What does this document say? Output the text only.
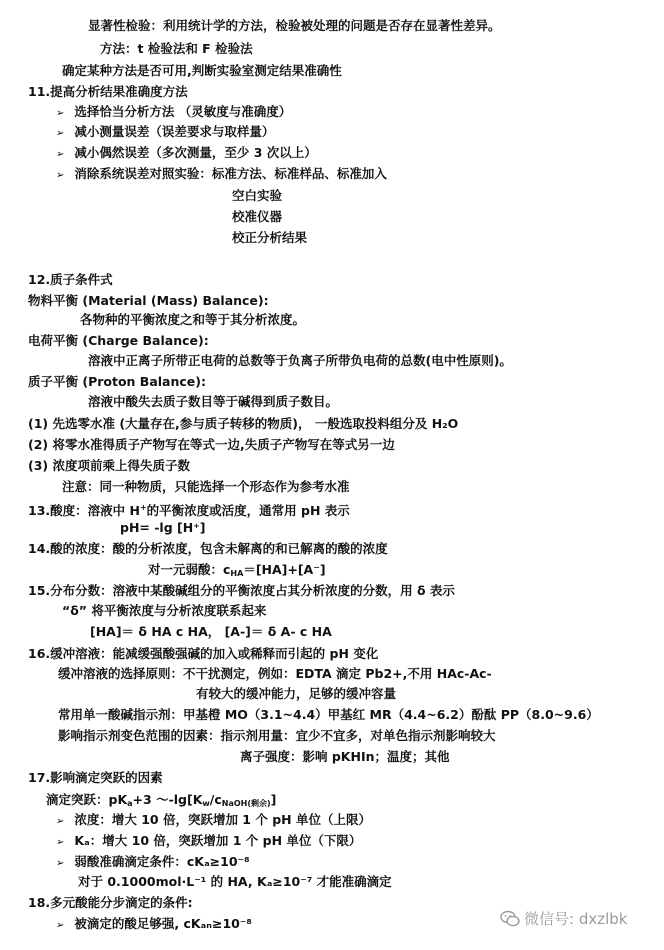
显著性检验：利用统计学的方法，检验被处理的问题是否存在显著性差异。
方法：t 检验法和 F 检验法
确定某种方法是否可用,判断实验室测定结果准确性
11.提高分析结果准确度方法
➢ 选择恰当分析方法 （灵敏度与准确度）
➢ 减小测量误差（误差要求与取样量）
➢ 减小偶然误差（多次测量，至少 3 次以上）
➢ 消除系统误差对照实验：标准方法、标准样品、标准加入
空白实验
校准仪器
校正分析结果
12.质子条件式
物料平衡 (Material (Mass) Balance):
各物种的平衡浓度之和等于其分析浓度。
电荷平衡 (Charge Balance):
溶液中正离子所带正电荷的总数等于负离子所带负电荷的总数(电中性原则)。
质子平衡 (Proton Balance):
溶液中酸失去质子数目等于碱得到质子数目。
(1) 先选零水准 (大量存在,参与质子转移的物质)， 一般选取投料组分及 H₂O
(2) 将零水准得质子产物写在等式一边,失质子产物写在等式另一边
(3) 浓度项前乘上得失质子数
注意：同一种物质，只能选择一个形态作为参考水准
13.酸度：溶液中 H+的平衡浓度或活度，通常用 pH 表示
pH= -lg [H⁺]
14.酸的浓度：酸的分析浓度，包含未解离的和已解离的酸的浓度
对一元弱酸：$c_{HA}=[HA]+[A^-]$
15.分布分数：溶液中某酸碱组分的平衡浓度占其分析浓度的分数，用 δ 表示
“δ” 将平衡浓度与分析浓度联系起来
[HA]＝ δ HA c HA， [A-]＝ δ A- c HA
16.缓冲溶液：能减缓强酸强碱的加入或稀释而引起的 pH 变化
缓冲溶液的选择原则：不干扰测定，例如：EDTA 滴定 Pb2+,不用 HAc-Ac-
有较大的缓冲能力，足够的缓冲容量
常用单一酸碱指示剂：甲基橙 MO（3.1~4.4）甲基红 MR（4.4~6.2）酚酞 PP（8.0~9.6）
影响指示剂变色范围的因素：指示剂用量：宜少不宜多，对单色指示剂影响较大
离子强度：影响 pKHIn；温度；其他
17.影响滴定突跃的因素
滴定突跃：$pK_a+3$ $\sim-\lg[K_w/c_{NaOH(剩余)}]$
➢ 浓度：增大 10 倍，突跃增加 1 个 pH 单位（上限）
➢ Kₐ：增大 10 倍，突跃增加 1 个 pH 单位（下限）
➢ 弱酸准确滴定条件：cKₐ≥10⁻⁸
对于 0.1000mol·L⁻¹ 的 HA, Kₐ≥10⁻⁷ 才能准确滴定
18.多元酸能分步滴定的条件:
➢ 被滴定的酸足够强, cKₐₙ≥10⁻⁸	微信号: dxzlbk
